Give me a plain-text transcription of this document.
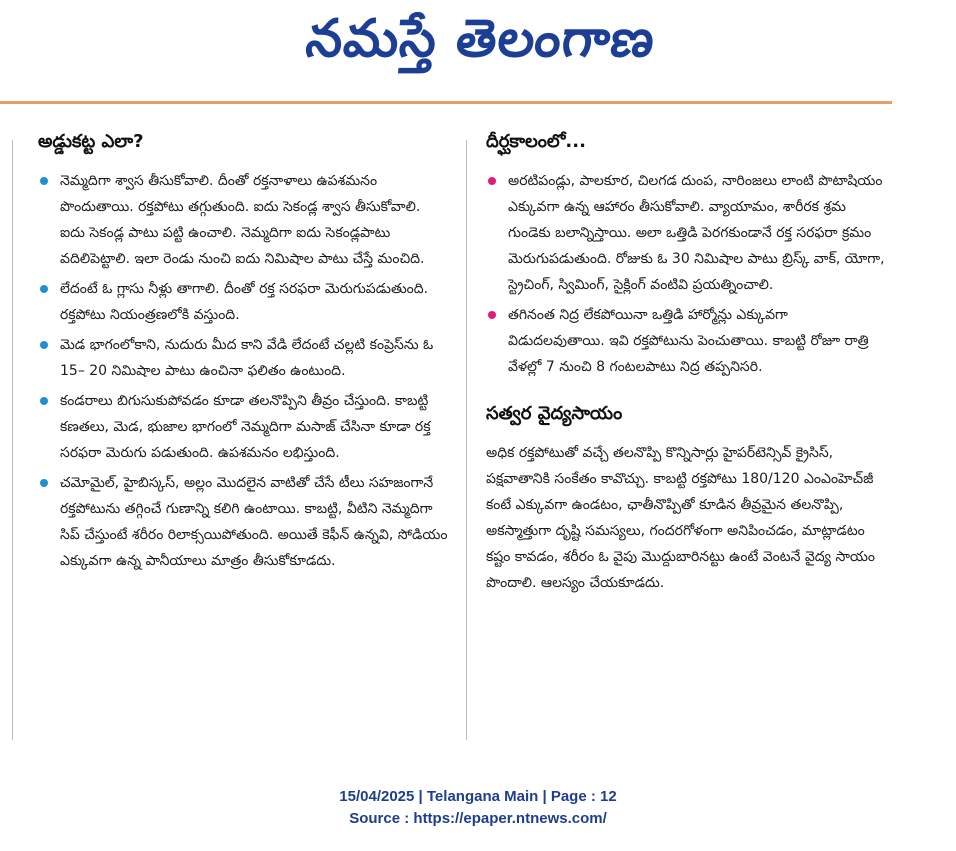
నమస్తే తెలంగాణ
అడ్డుకట్ట ఎలా?
నెమ్మదిగా శ్వాస తీసుకోవాలి. దీంతో రక్తనాళాలు ఉపశమనం పొందుతాయి. రక్తపోటు తగ్గుతుంది. ఐదు సెకండ్ల శ్వాస తీసుకోవాలి. ఐదు సెకండ్ల పాటు పట్టి ఉంచాలి. నెమ్మదిగా ఐదు సెకండ్లపాటు వదిలిపెట్టాలి. ఇలా రెండు నుంచి ఐదు నిమిషాల పాటు చేస్తే మంచిది.
లేదంటే ఓ గ్లాసు నీళ్లు తాగాలి. దీంతో రక్త సరఫరా మెరుగుపడుతుంది. రక్తపోటు నియంత్రణలోకి వస్తుంది.
మెడ భాగంలోకాని, నుదురు మీద కాని వేడి లేదంటే చల్లటి కంప్రెస్‌ను ఓ 15– 20 నిమిషాల పాటు ఉంచినా ఫలితం ఉంటుంది.
కండరాలు బిగుసుకుపోవడం కూడా తలనొప్పిని తీవ్రం చేస్తుంది. కాబట్టి కణతలు, మెడ, భుజాల భాగంలో నెమ్మదిగా మసాజ్ చేసినా కూడా రక్త సరఫరా మెరుగు పడుతుంది. ఉపశమనం లభిస్తుంది.
చమోమైల్, హైబిస్కస్, అల్లం మొదలైన వాటితో చేసే టీలు సహజంగానే రక్తపోటును తగ్గించే గుణాన్ని కలిగి ఉంటాయి. కాబట్టి, వీటిని నెమ్మదిగా సిప్ చేస్తుంటే శరీరం రిలాక్సయిపోతుంది. అయితే కెఫీన్ ఉన్నవి, సోడియం ఎక్కువగా ఉన్న పానీయాలు మాత్రం తీసుకోకూడదు.
దీర్ఘకాలంలో...
అరటిపండ్లు, పాలకూర, చిలగడ దుంప, నారింజలు లాంటి పొటాషియం ఎక్కువగా ఉన్న ఆహారం తీసుకోవాలి. వ్యాయామం, శారీరక శ్రమ గుండెకు బలాన్నిస్తాయి. అలా ఒత్తిడి పెరగకుండానే రక్త సరఫరా క్రమం మెరుగుపడుతుంది. రోజుకు ఓ 30 నిమిషాల పాటు బ్రిస్క్ వాక్, యోగా, స్ట్రెచింగ్, స్విమింగ్, సైక్లింగ్ వంటివి ప్రయత్నించాలి.
తగినంత నిద్ర లేకపోయినా ఒత్తిడి హార్మోన్లు ఎక్కువగా విడుదలవుతాయి. ఇవి రక్తపోటును పెంచుతాయి. కాబట్టి రోజూ రాత్రి వేళల్లో 7 నుంచి 8 గంటలపాటు నిద్ర తప్పనిసరి.
సత్వర వైద్యసాయం

అధిక రక్తపోటుతో వచ్చే తలనొప్పి కొన్నిసార్లు హైపర్‌టెన్సివ్ క్రైసిస్, పక్షవాతానికి సంకేతం కావొచ్చు. కాబట్టి రక్తపోటు 180/120 ఎంఎంహెచ్‌జీ కంటే ఎక్కువగా ఉండటం, ఛాతీనొప్పితో కూడిన తీవ్రమైన తలనొప్పి, అకస్మాత్తుగా దృష్టి సమస్యలు, గందరగోళంగా అనిపించడం, మాట్లాడటం కష్టం కావడం, శరీరం ఓ వైపు మొద్దుబారినట్టు ఉంటే వెంటనే వైద్య సాయం పొందాలి. ఆలస్యం చేయకూడదు.

15/04/2025 | Telangana Main | Page : 12
Source : https://epaper.ntnews.com/
